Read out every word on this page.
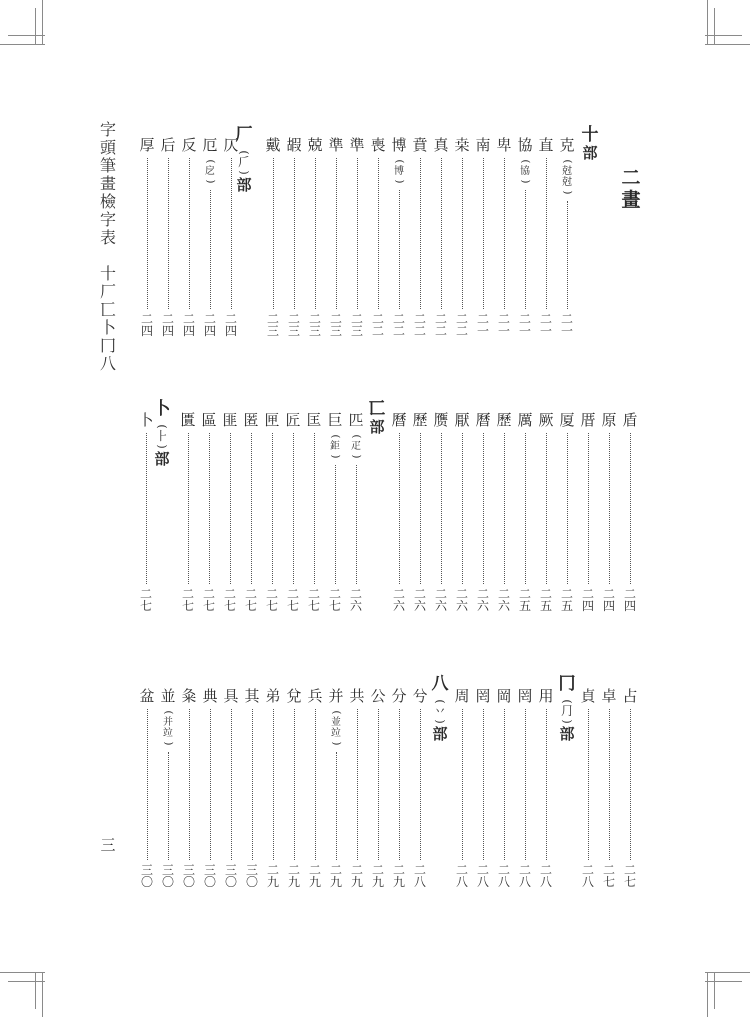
字
頭
筆
畫
檢
字
表

十
厂
匸
卜
冂
八
三
二
畫
十
部
厂
(
𠂆
)
部
匸
部
卜
(
⺊
)
部
冂
(
⺆
)
部
八
(
丷
)
部
克
(
尅
尅
)
二
一
直
二
一
協
(
協
)
二
一
卑
二
一
南
二
一
桒
二
二
真
二
二
賁
二
二
博
(
博
)
二
二
喪
二
二
準
二
三
準
二
三
兢
二
三
嘏
二
三
戴
二
三
仄
二
四
厄
(
戹
)
二
四
反
二
四
后
二
四
厚
二
四
盾
二
四
原
二
四
厝
二
四
厦
二
五
厥
二
五
厲
二
五
歷
二
六
曆
二
六
厭
二
六
赝
二
六
歷
二
六
曆
二
六
匹
(
疋
)
二
六
巨
(
鉅
)
二
七
匡
二
七
匠
二
七
匣
二
七
匿
二
七
匪
二
七
區
二
七
匱
二
七
卜
二
七
占
二
七
卓
二
七
貞
二
八
用
二
八
罔
二
八
岡
二
八
罔
二
八
周
二
八
兮
二
八
分
二
九
公
二
九
共
二
九
并
(
並
竝
)
二
九
兵
二
九
兌
二
九
弟
二
九
其
三
〇
具
三
〇
典
三
〇
粂
三
〇
並
(
并
竝
)
三
〇
盆
三
〇
